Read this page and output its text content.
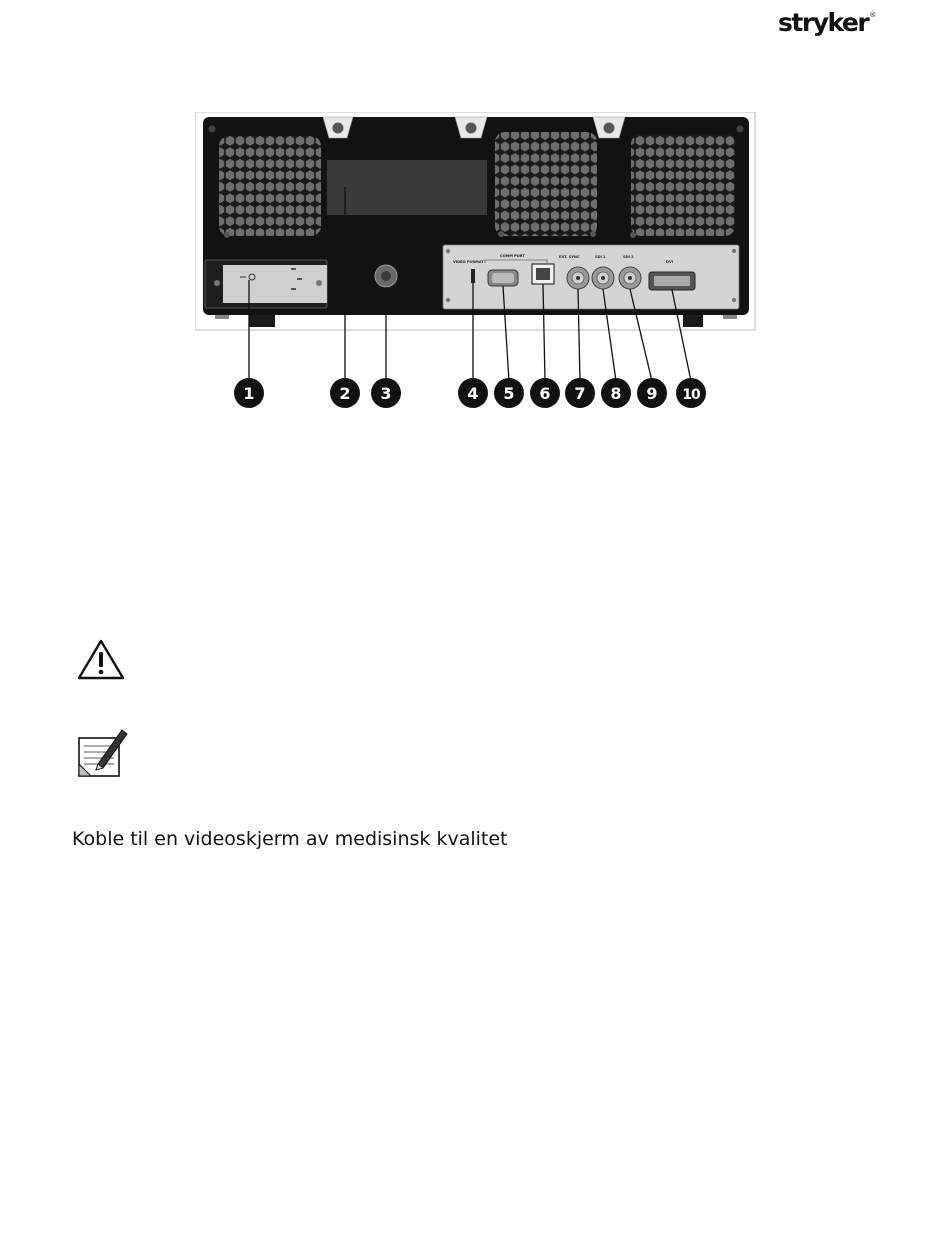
stryker®
VIDEO FORMAT
COMM PORT	EXT. SYNC	SDI 1	SDI 2
DVI
1	2 3	4 5 6 7 8 9 10
Koble til en videoskjerm av medisinsk kvalitet
